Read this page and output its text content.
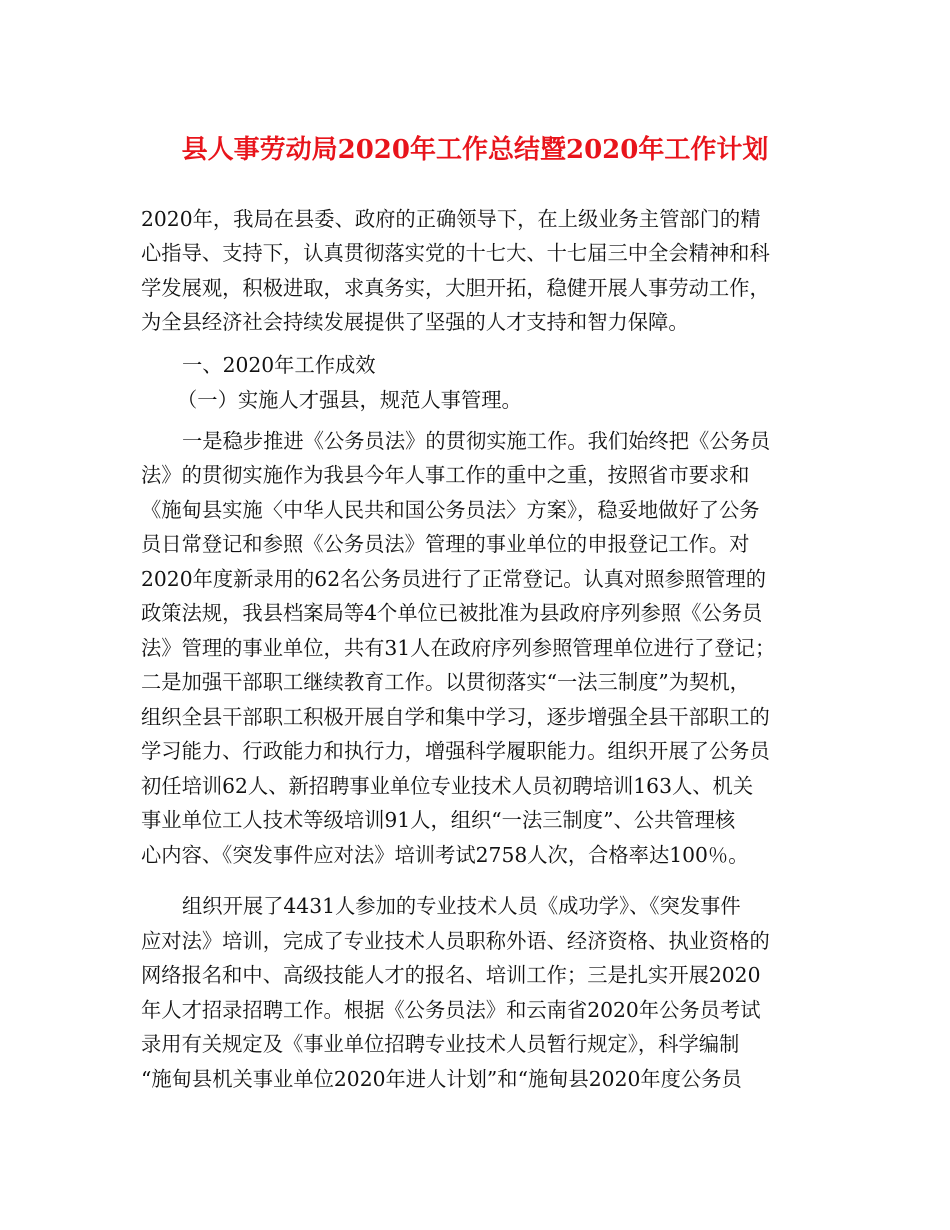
县人事劳动局2020年工作总结暨2020年工作计划
2020年，我局在县委、政府的正确领导下，在上级业务主管部门的精
心指导、支持下，认真贯彻落实党的十七大、十七届三中全会精神和科
学发展观，积极进取，求真务实，大胆开拓，稳健开展人事劳动工作，
为全县经济社会持续发展提供了坚强的人才支持和智力保障。
一、2020年工作成效
（一）实施人才强县，规范人事管理。
一是稳步推进《公务员法》的贯彻实施工作。我们始终把《公务员
法》的贯彻实施作为我县今年人事工作的重中之重，按照省市要求和
《施甸县实施〈中华人民共和国公务员法〉方案》，稳妥地做好了公务
员日常登记和参照《公务员法》管理的事业单位的申报登记工作。对
2020年度新录用的62名公务员进行了正常登记。认真对照参照管理的
政策法规，我县档案局等4个单位已被批准为县政府序列参照《公务员
法》管理的事业单位，共有31人在政府序列参照管理单位进行了登记；
二是加强干部职工继续教育工作。以贯彻落实“一法三制度”为契机，
组织全县干部职工积极开展自学和集中学习，逐步增强全县干部职工的
学习能力、行政能力和执行力，增强科学履职能力。组织开展了公务员
初任培训62人、新招聘事业单位专业技术人员初聘培训163人、机关
事业单位工人技术等级培训91人，组织“一法三制度”、公共管理核
心内容、《突发事件应对法》培训考试2758人次，合格率达100％。
组织开展了4431人参加的专业技术人员《成功学》、《突发事件
应对法》培训，完成了专业技术人员职称外语、经济资格、执业资格的
网络报名和中、高级技能人才的报名、培训工作；三是扎实开展2020
年人才招录招聘工作。根据《公务员法》和云南省2020年公务员考试
录用有关规定及《事业单位招聘专业技术人员暂行规定》，科学编制
“施甸县机关事业单位2020年进人计划”和“施甸县2020年度公务员
